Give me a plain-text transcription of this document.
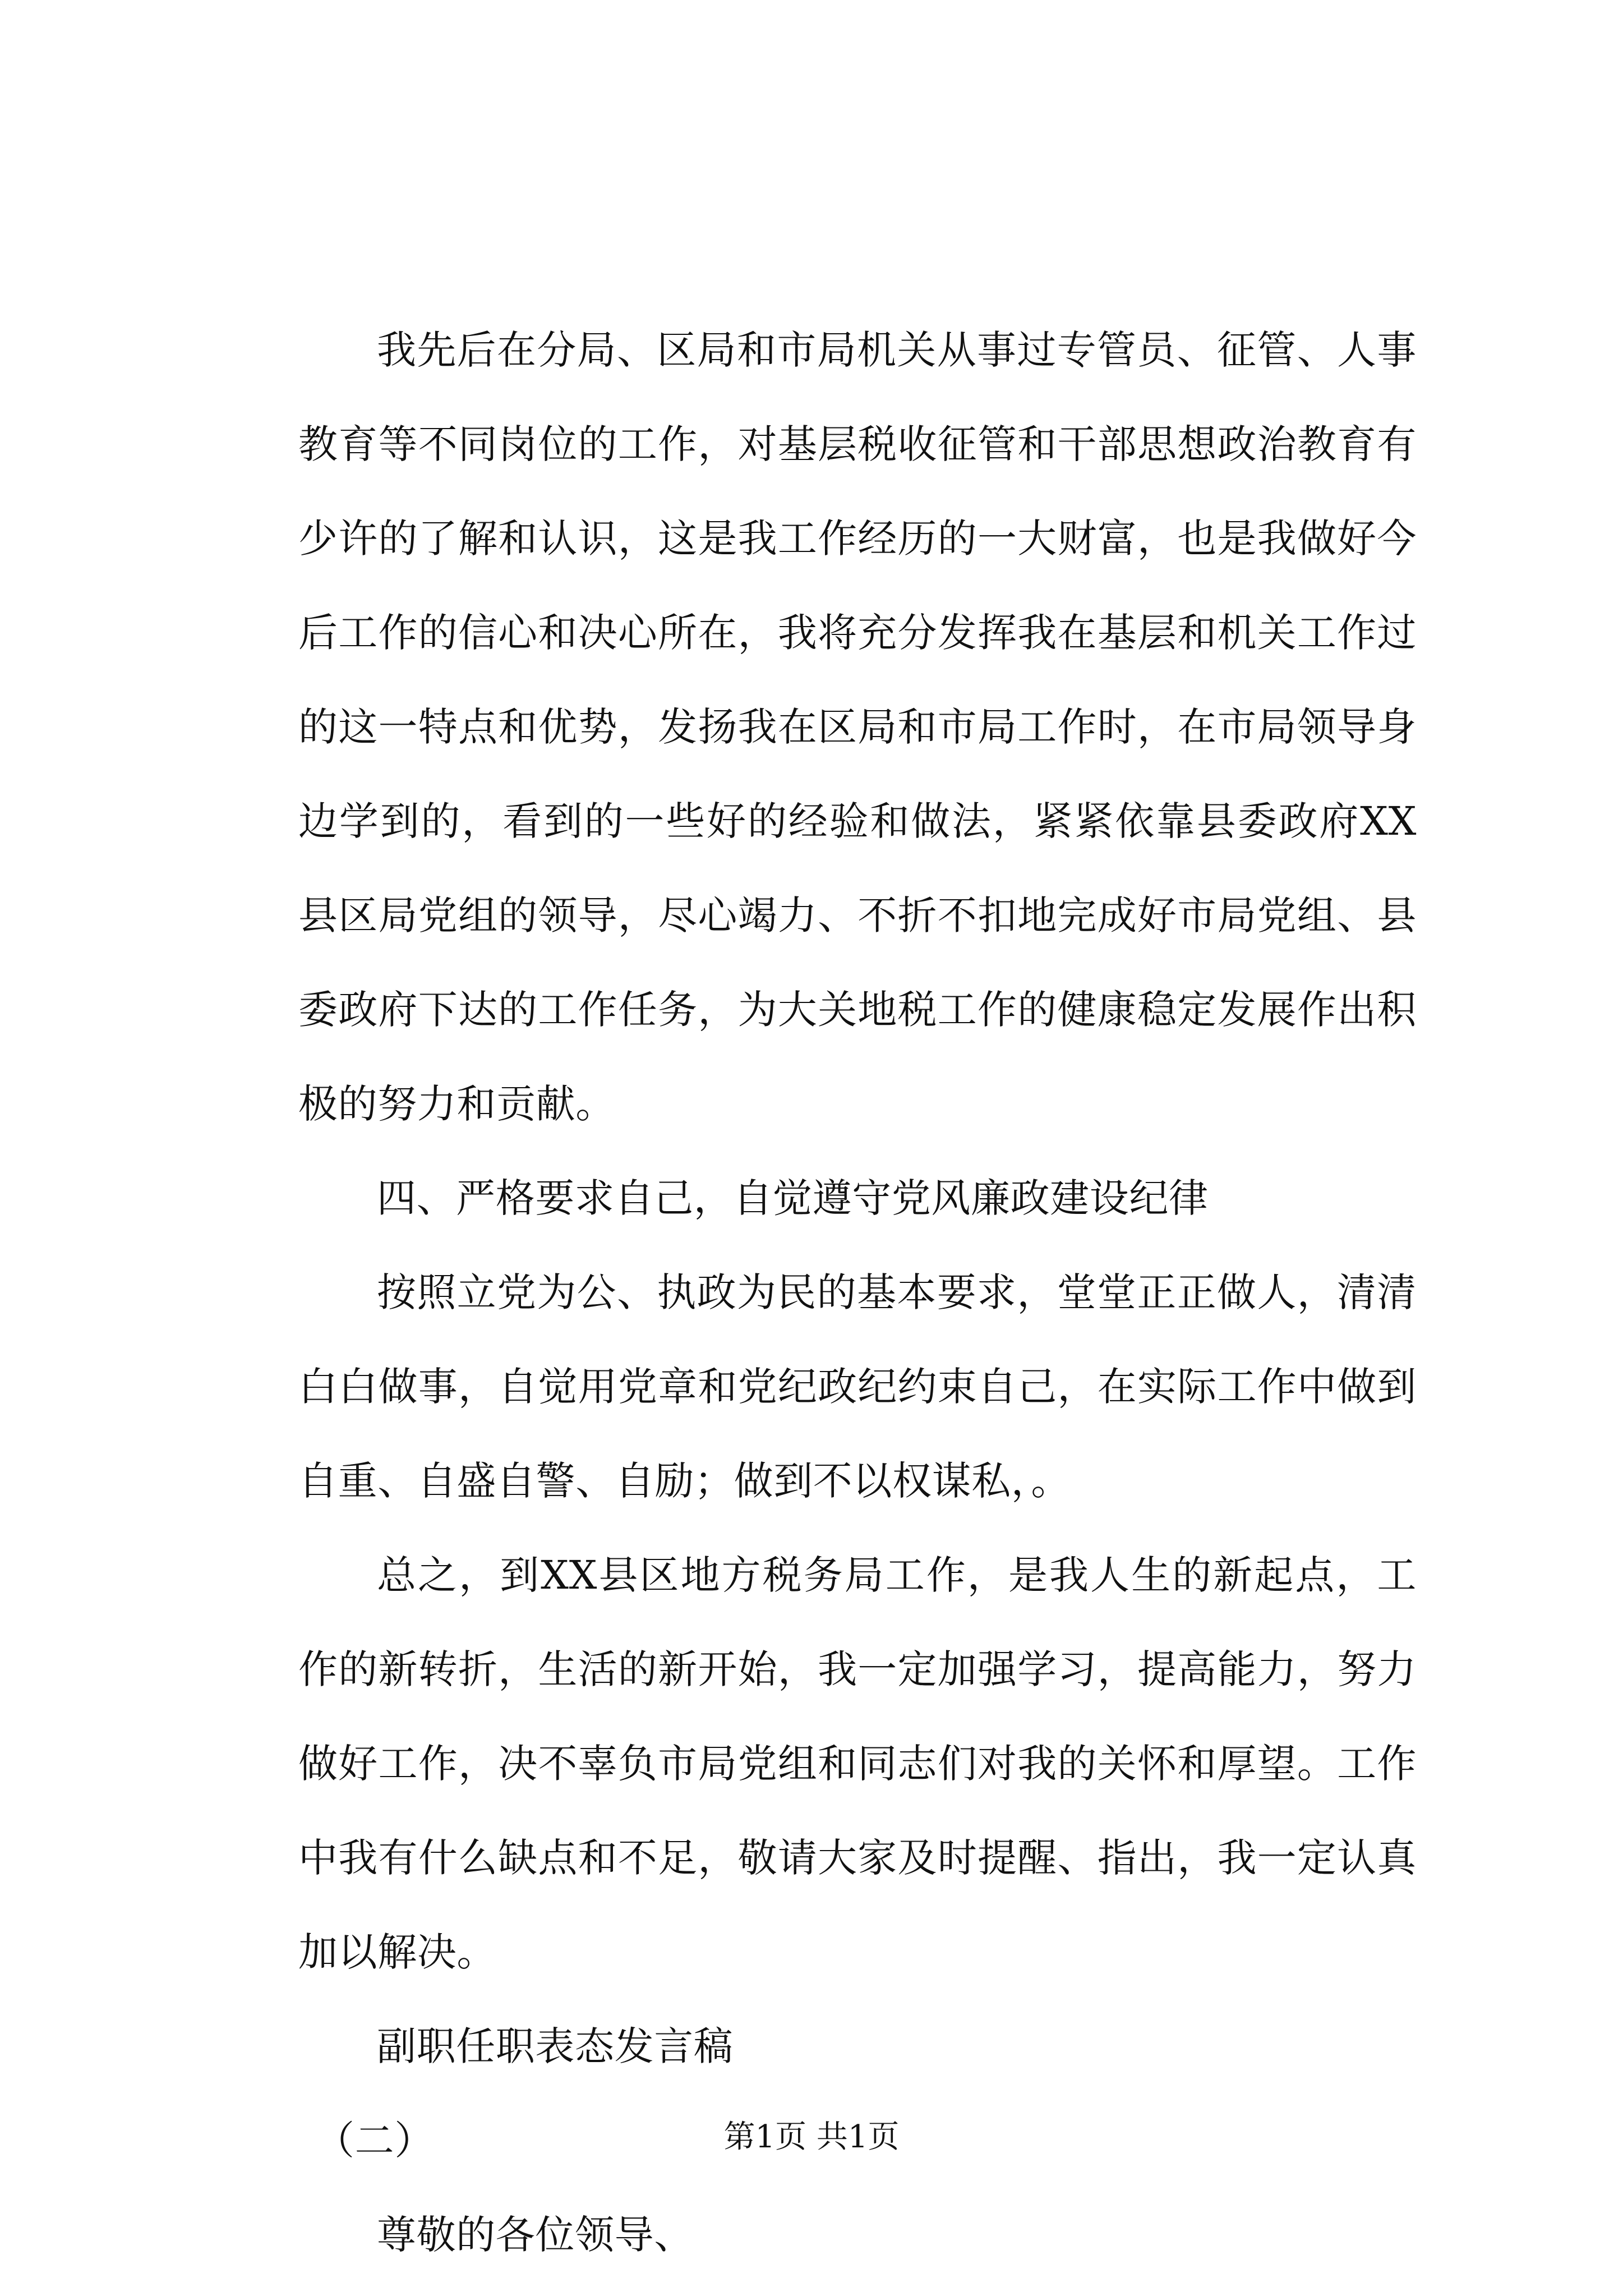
我先后在分局、区局和市局机关从事过专管员、征管、人事教育等不同岗位的工作，对基层税收征管和干部思想政治教育有少许的了解和认识，这是我工作经历的一大财富，也是我做好今后工作的信心和决心所在，我将充分发挥我在基层和机关工作过的这一特点和优势，发扬我在区局和市局工作时，在市局领导身边学到的，看到的一些好的经验和做法，紧紧依靠县委政府XX县区局党组的领导，尽心竭力、不折不扣地完成好市局党组、县委政府下达的工作任务，为大关地税工作的健康稳定发展作出积极的努力和贡献。

四、严格要求自己，自觉遵守党风廉政建设纪律

按照立党为公、执政为民的基本要求，堂堂正正做人，清清白白做事，自觉用党章和党纪政纪约束自己，在实际工作中做到自重、自盛自警、自励；做到不以权谋私，。

总之，到XX县区地方税务局工作，是我人生的新起点，工作的新转折，生活的新开始，我一定加强学习，提高能力，努力做好工作，决不辜负市局党组和同志们对我的关怀和厚望。工作中我有什么缺点和不足，敬请大家及时提醒、指出，我一定认真加以解决。

副职任职表态发言稿

（二）

尊敬的各位领导、

第1页 共1页
